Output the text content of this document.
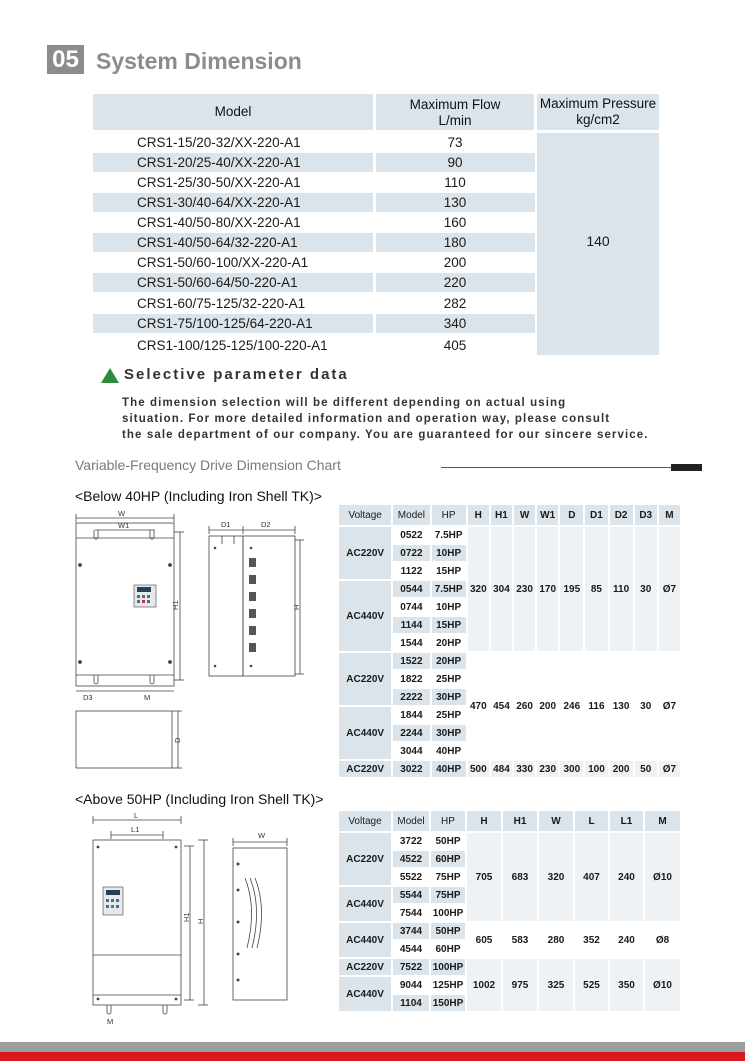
05 System Dimension
Model	Maximum Flow
L/min
Maximum Pressure
kg/cm2
140
CRS1-15/20-32/XX-220-A1	73
CRS1-20/25-40/XX-220-A1	90
CRS1-25/30-50/XX-220-A1	110
CRS1-30/40-64/XX-220-A1	130
CRS1-40/50-80/XX-220-A1	160
CRS1-40/50-64/32-220-A1	180
CRS1-50/60-100/XX-220-A1	200
CRS1-50/60-64/50-220-A1	220
CRS1-60/75-125/32-220-A1	282
CRS1-75/100-125/64-220-A1	340
CRS1-100/125-125/100-220-A1	405
Selective parameter data
The dimension selection will be different depending on actual using
situation. For more detailed information and operation way, please consult
the sale department of our company. You are guaranteed for our sincere service.
Variable-Frequency Drive Dimension Chart
<Below 40HP (Including Iron Shell TK)>
<Above 50HP (Including Iron Shell TK)>
W
W1
H1
D3	M
D
D1	D2
H
L
L1
H1 H
M
W
Voltage	Model	HP	H	H1	W	W1	D	D1	D2	D3	M
AC220V	0522	7.5HP	320	304	230	170	195	85	110	30	Ø7
	0722	10HP									
	1122	15HP									
AC440V	0544	7.5HP									
	0744	10HP									
	1144	15HP									
	1544	20HP									
AC220V	1522	20HP	470	454	260	200	246	116	130	30	Ø7
	1822	25HP									
	2222	30HP									
AC440V	1844	25HP									
	2244	30HP									
	3044	40HP									
AC220V	3022	40HP	500	484	330	230	300	100	200	50	Ø7
Voltage	Model	HP	H	H1	W	L	L1	M
AC220V	3722	50HP	705	683	320	407	240	Ø10
	4522	60HP						
	5522	75HP						
AC440V	5544	75HP						
	7544	100HP						
AC440V	3744	50HP	605	583	280	352	240	Ø8
	4544	60HP						
AC220V	7522	100HP	1002	975	325	525	350	Ø10
AC440V	9044	125HP						
	1104	150HP						
